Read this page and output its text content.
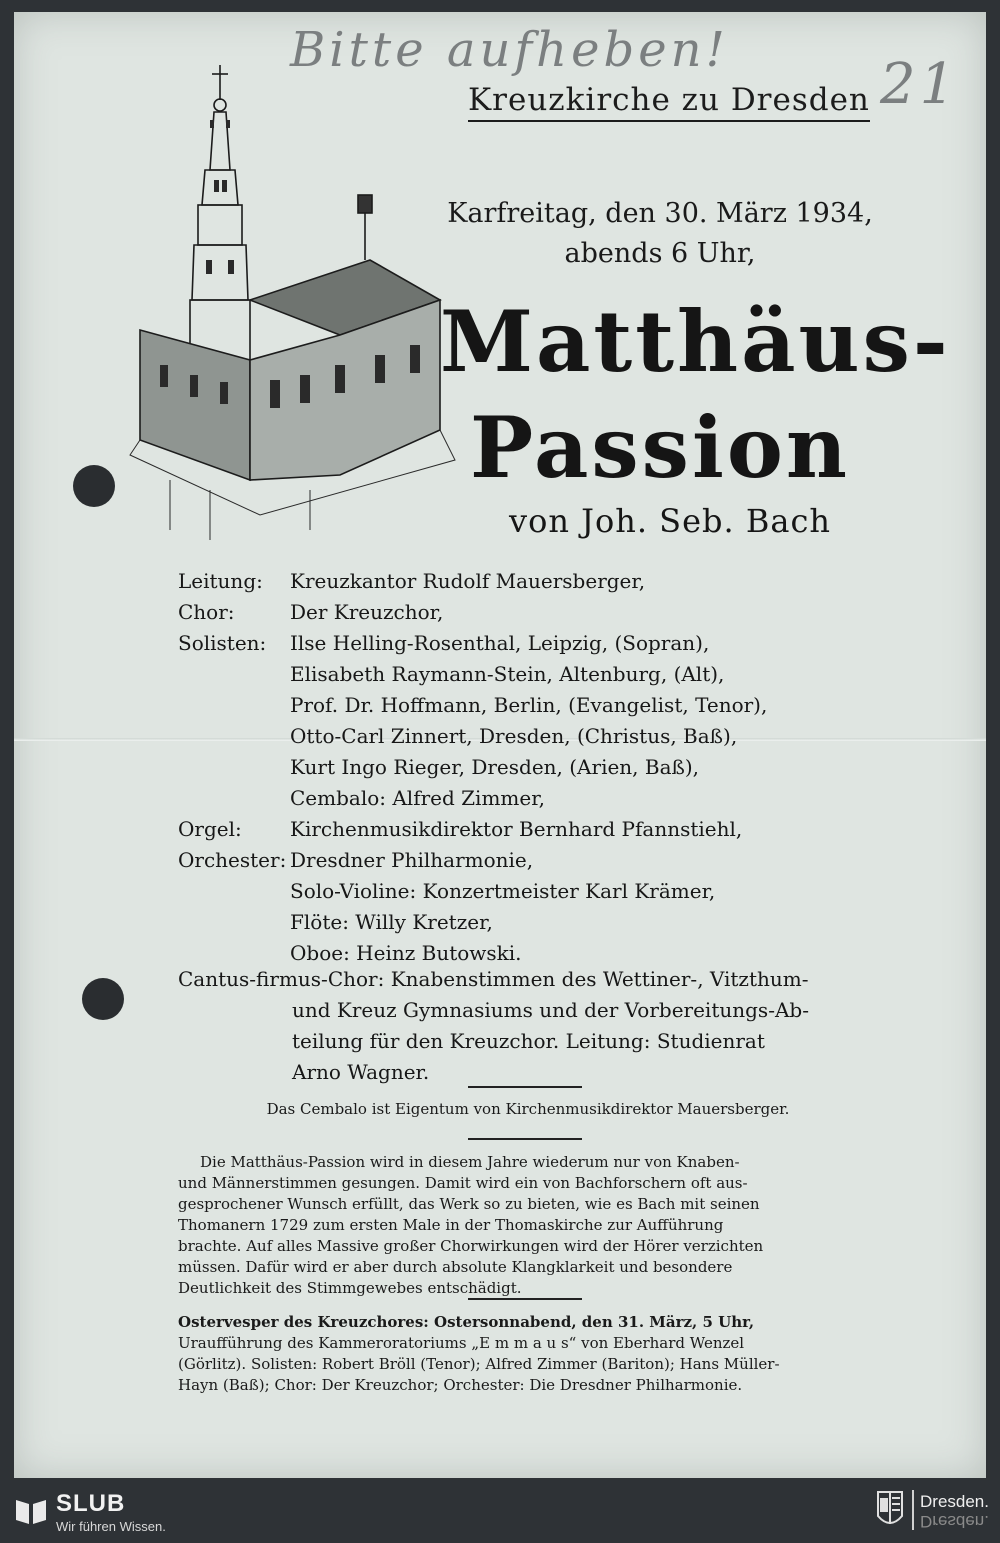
Bitte aufheben!
21
Kreuzkirche zu Dresden
Karfreitag, den 30. März 1934,
abends 6 Uhr,
Matthäus-
Passion
von Joh. Seb. Bach
Leitung:	Kreuzkantor Rudolf Mauersberger,
Chor:	Der Kreuzchor,
Solisten:	Ilse Helling-Rosenthal, Leipzig, (Sopran),
Elisabeth Raymann-Stein, Altenburg, (Alt),
Prof. Dr. Hoffmann, Berlin, (Evangelist, Tenor),
Otto-Carl Zinnert, Dresden, (Christus, Baß),
Kurt Ingo Rieger, Dresden, (Arien, Baß),
Cembalo: Alfred Zimmer,
Orgel:	Kirchenmusikdirektor Bernhard Pfannstiehl,
Orchester: Dresdner Philharmonie,
Solo-Violine: Konzertmeister Karl Krämer,
Flöte: Willy Kretzer,
Oboe: Heinz Butowski.
Cantus-firmus-Chor: Knabenstimmen des Wettiner-, Vitzthum-
und Kreuz Gymnasiums und der Vorbereitungs-Ab-
teilung für den Kreuzchor. Leitung: Studienrat
Arno Wagner.
Das Cembalo ist Eigentum von Kirchenmusikdirektor Mauersberger.
Die Matthäus-Passion wird in diesem Jahre wiederum nur von Knaben-
und Männerstimmen gesungen. Damit wird ein von Bachforschern oft aus-
gesprochener Wunsch erfüllt, das Werk so zu bieten, wie es Bach mit seinen
Thomanern 1729 zum ersten Male in der Thomaskirche zur Aufführung
brachte. Auf alles Massive großer Chorwirkungen wird der Hörer verzichten
müssen. Dafür wird er aber durch absolute Klangklarkeit und besondere
Deutlichkeit des Stimmgewebes entschädigt.
Ostervesper des Kreuzchores: Ostersonnabend, den 31. März, 5 Uhr,
Uraufführung des Kammeroratoriums „E m m a u s“ von Eberhard Wenzel
(Görlitz). Solisten: Robert Bröll (Tenor); Alfred Zimmer (Bariton); Hans Müller-
Hayn (Baß); Chor: Der Kreuzchor; Orchester: Die Dresdner Philharmonie.
SLUB
Wir führen Wissen.
Dresden.
Dresden.
